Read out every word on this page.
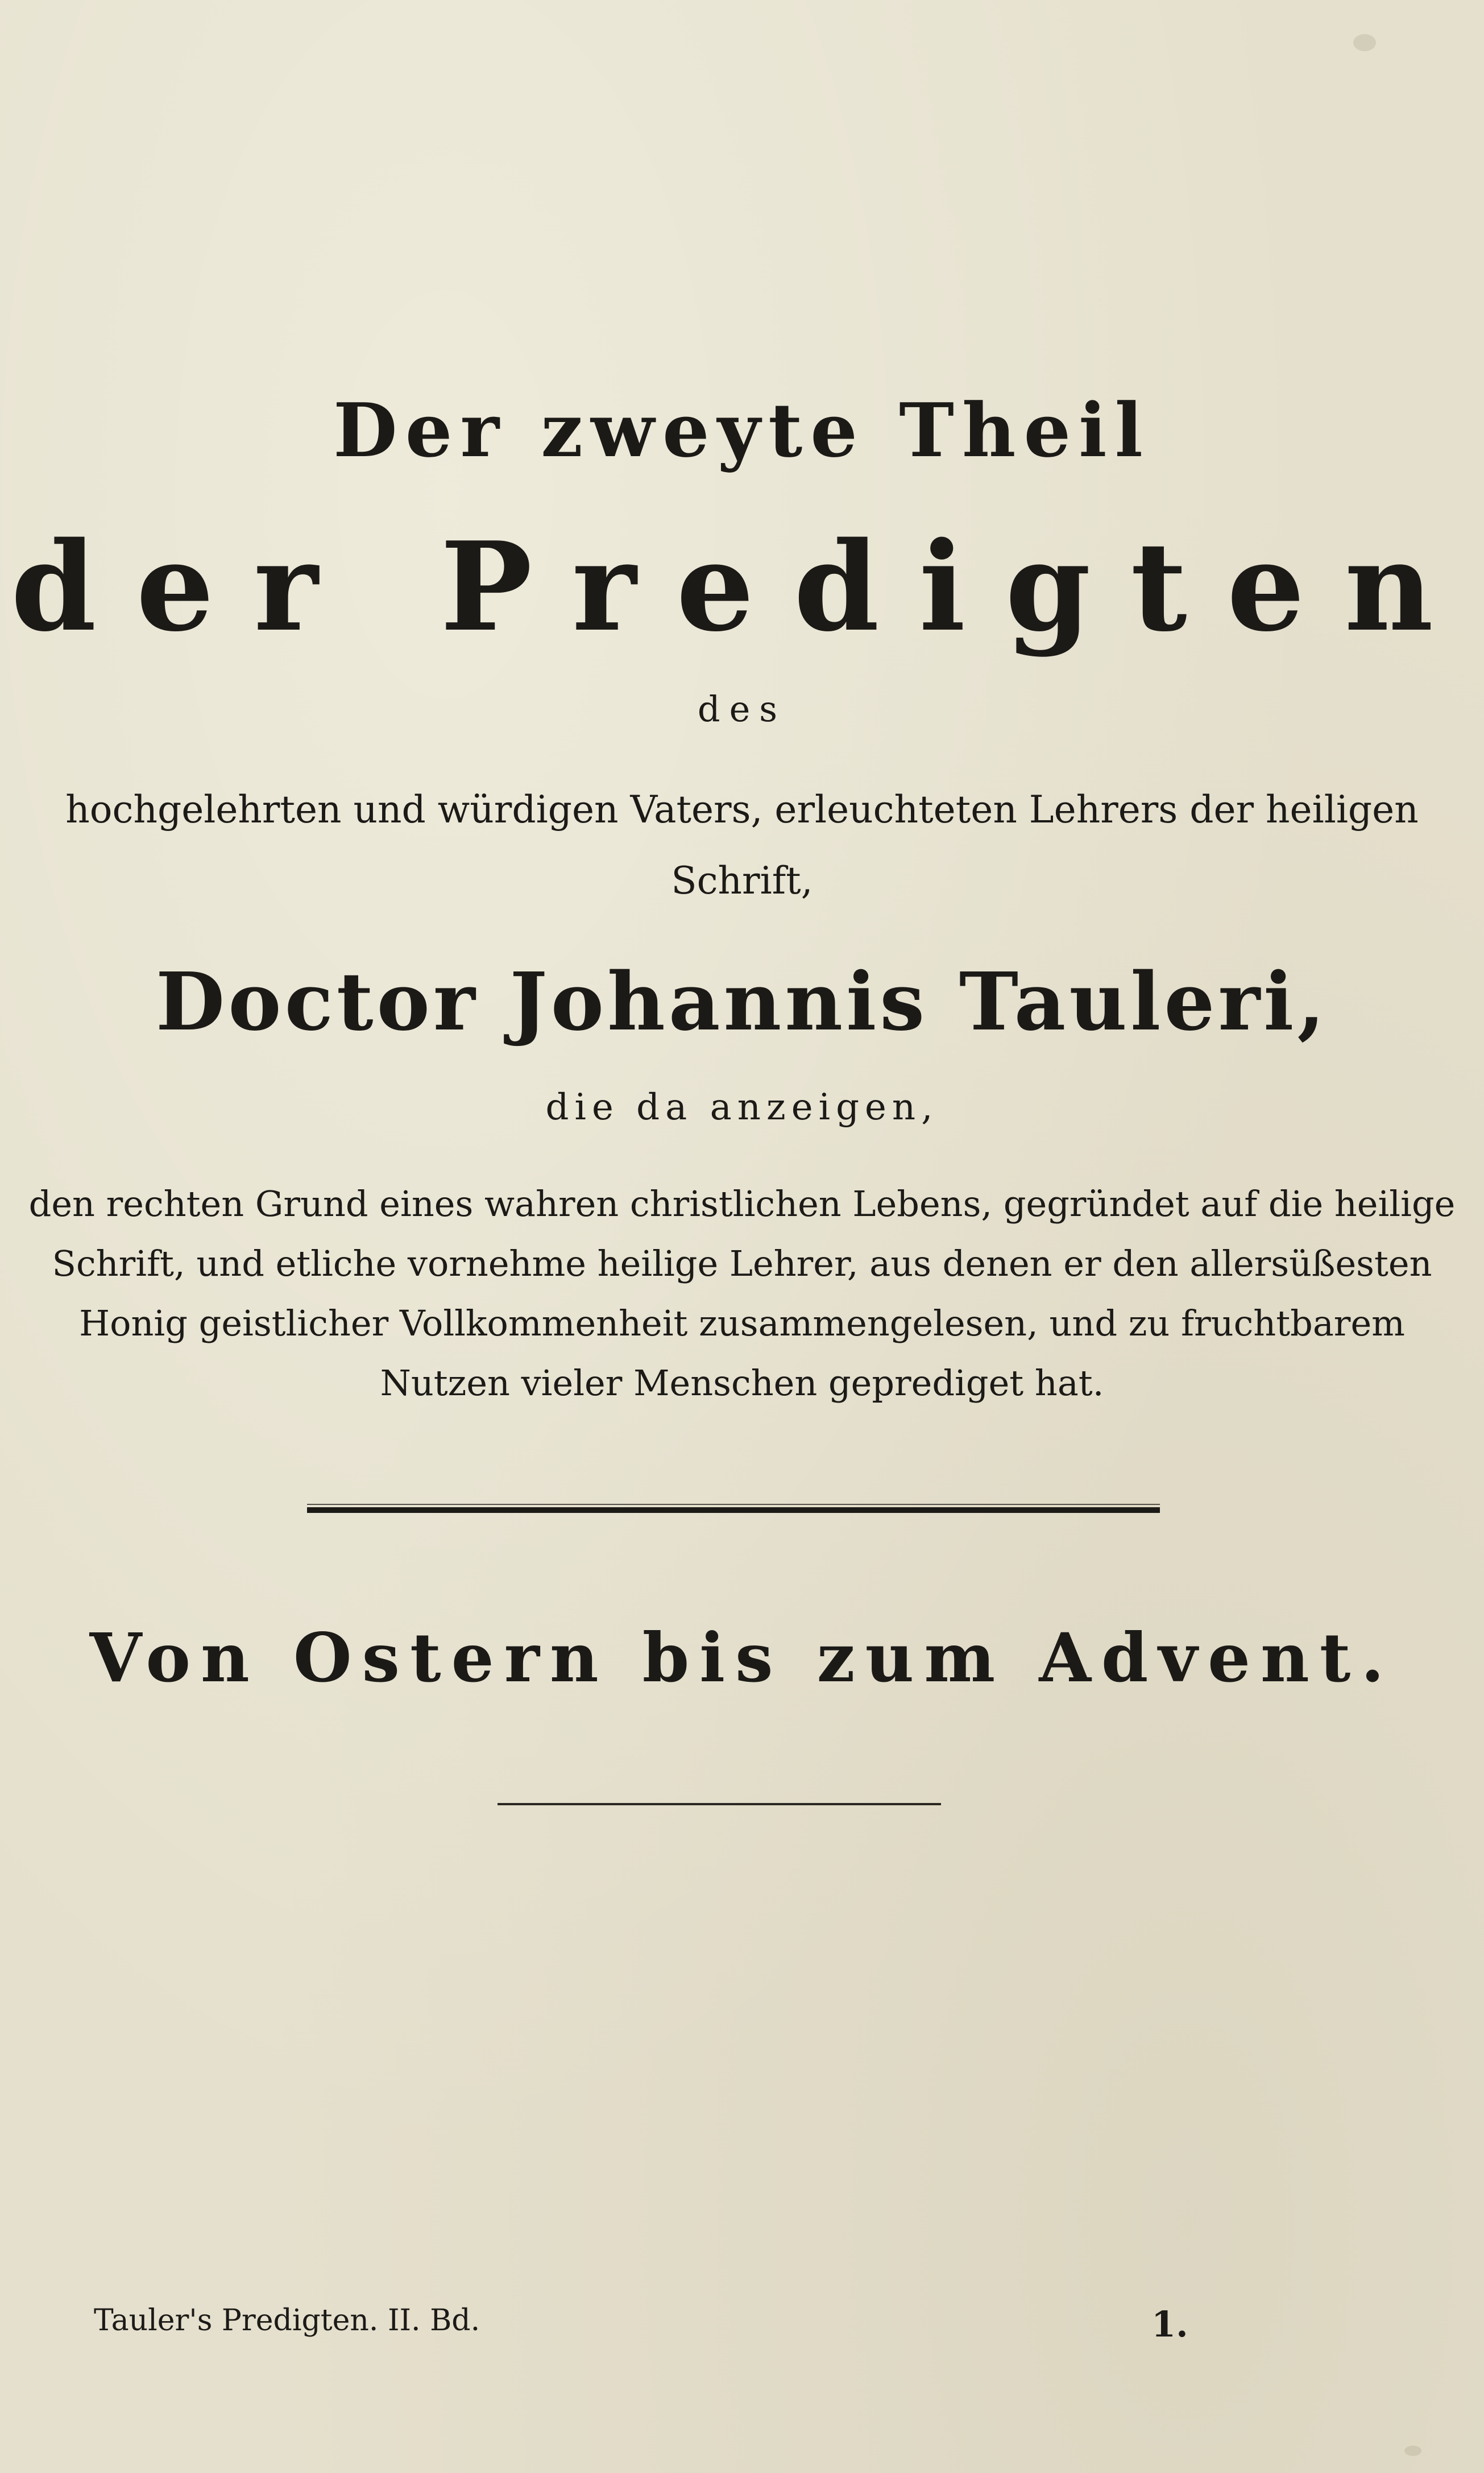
Der zweyte Theil
der Predigten
des
hochgelehrten und würdigen Vaters, erleuchteten Lehrers der heiligen
Schrift,
Doctor Johannis Tauleri,
die da anzeigen,
den rechten Grund eines wahren christlichen Lebens, gegründet auf die heilige
Schrift, und etliche vornehme heilige Lehrer, aus denen er den allersüßesten
Honig geistlicher Vollkommenheit zusammengelesen, und zu fruchtbarem
Nutzen vieler Menschen geprediget hat.
Von Ostern bis zum Advent.
Tauler's Predigten. II. Bd.	1.
